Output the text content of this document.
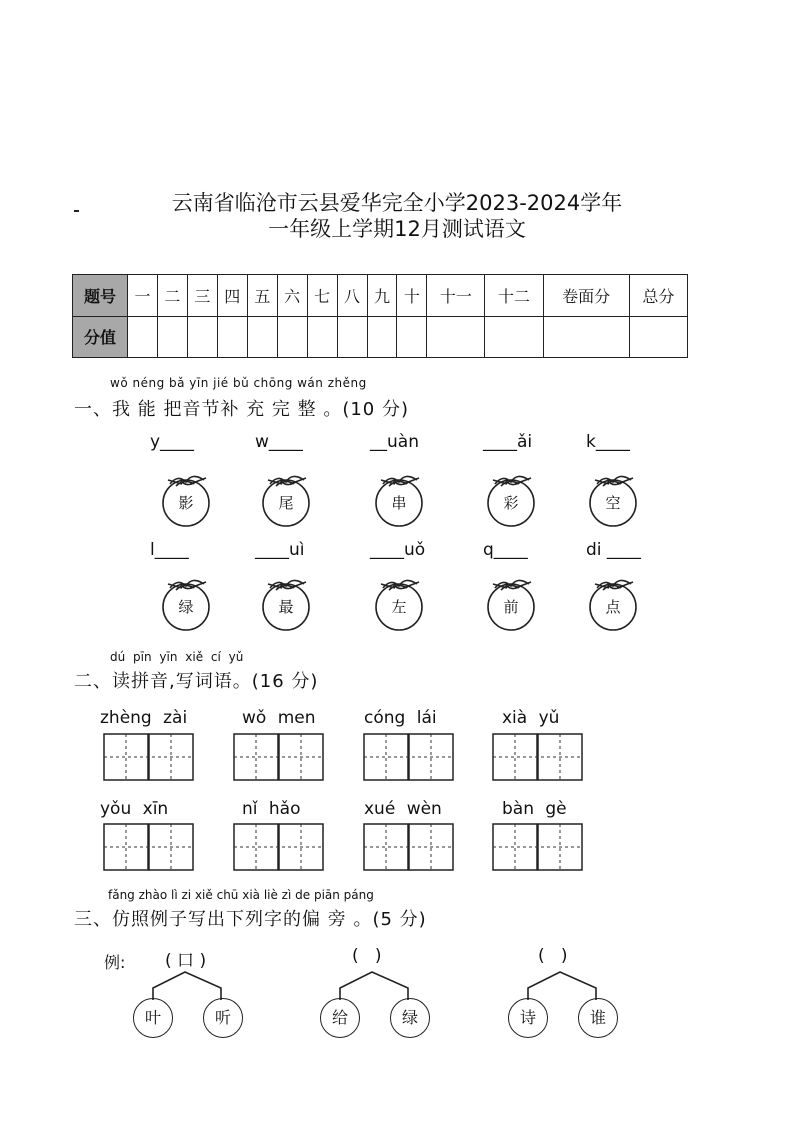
云南省临沧市云县爱华完全小学2023-2024学年
一年级上学期12月测试语文
题号	一	二	三	四	五	六	七	八	九	十	十一	十二	卷面分	总分
分值														
wǒ néng bǎ yīn jié bǔ chōng wán zhěng
一、我 能 把音节补 充 完 整 。(10 分)
y____
影
w____
尾
__uàn
串
____ǎi
彩
k____
空
l____
绿
____uì
最
____uǒ
左
q____
前
di ____
点
dú pīn yīn xiě cí yǔ
二、读拼音,写词语。(16 分)
zhèng zài	wǒ men	cóng lái	xià yǔ
yǒu xīn	nǐ hǎo	xué wèn	bàn gè
fǎng zhào lì zi xiě chū xià liè zì de piān páng
三、仿照例子写出下列字的偏 旁 。(5 分)
例: ( 口 )
叶	听
(   )
给	绿
(   )
诗	谁
